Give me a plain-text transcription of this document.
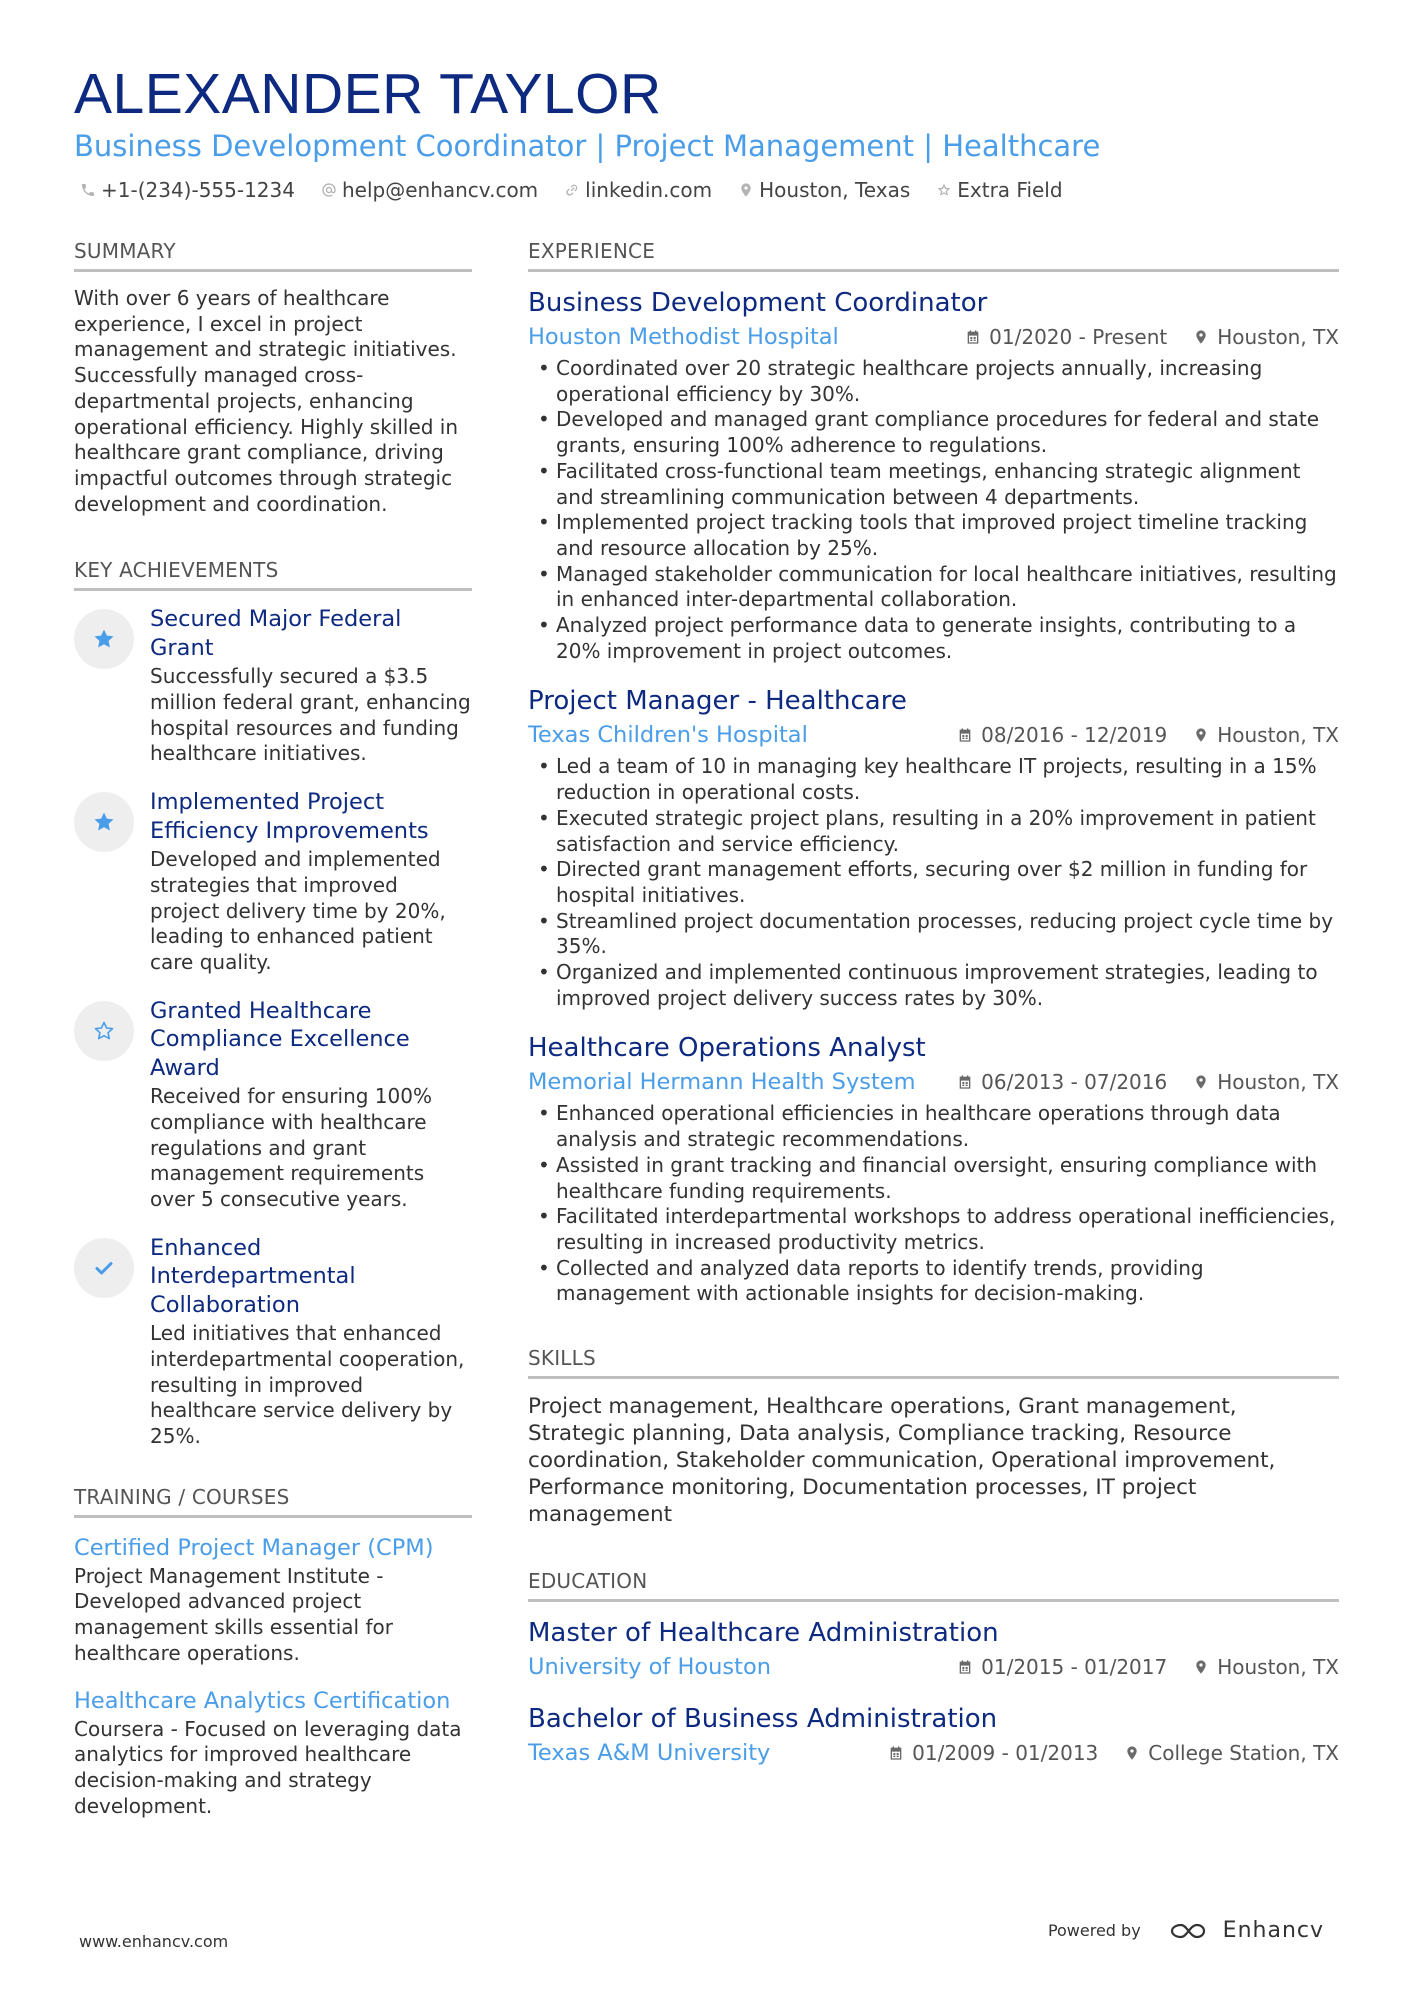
ALEXANDER TAYLOR
Business Development Coordinator | Project Management | Healthcare
+1-(234)-555-1234 help@enhancv.com linkedin.com Houston, Texas Extra Field
SUMMARY
With over 6 years of healthcare experience, I excel in project management and strategic initiatives. Successfully managed cross-departmental projects, enhancing operational efficiency. Highly skilled in healthcare grant compliance, driving impactful outcomes through strategic development and coordination.
KEY ACHIEVEMENTS
Secured Major Federal Grant
Successfully secured a $3.5 million federal grant, enhancing hospital resources and funding healthcare initiatives.
Implemented Project Efficiency Improvements
Developed and implemented strategies that improved project delivery time by 20%, leading to enhanced patient care quality.
Granted Healthcare Compliance Excellence Award
Received for ensuring 100% compliance with healthcare regulations and grant management requirements over 5 consecutive years.
Enhanced Interdepartmental Collaboration
Led initiatives that enhanced interdepartmental cooperation, resulting in improved healthcare service delivery by 25%.
TRAINING / COURSES
Certified Project Manager (CPM)
Project Management Institute - Developed advanced project management skills essential for healthcare operations.
Healthcare Analytics Certification
Coursera - Focused on leveraging data analytics for improved healthcare decision-making and strategy development.
EXPERIENCE
Business Development Coordinator
Houston Methodist Hospital	01/2020 - Present	Houston, TX
• Coordinated over 20 strategic healthcare projects annually, increasing operational efficiency by 30%.
• Developed and managed grant compliance procedures for federal and state grants, ensuring 100% adherence to regulations.
• Facilitated cross-functional team meetings, enhancing strategic alignment and streamlining communication between 4 departments.
• Implemented project tracking tools that improved project timeline tracking and resource allocation by 25%.
• Managed stakeholder communication for local healthcare initiatives, resulting in enhanced inter-departmental collaboration.
• Analyzed project performance data to generate insights, contributing to a 20% improvement in project outcomes.
Project Manager - Healthcare
Texas Children's Hospital	08/2016 - 12/2019	Houston, TX
• Led a team of 10 in managing key healthcare IT projects, resulting in a 15% reduction in operational costs.
• Executed strategic project plans, resulting in a 20% improvement in patient satisfaction and service efficiency.
• Directed grant management efforts, securing over $2 million in funding for hospital initiatives.
• Streamlined project documentation processes, reducing project cycle time by 35%.
• Organized and implemented continuous improvement strategies, leading to improved project delivery success rates by 30%.
Healthcare Operations Analyst
Memorial Hermann Health System	06/2013 - 07/2016	Houston, TX
• Enhanced operational efficiencies in healthcare operations through data analysis and strategic recommendations.
• Assisted in grant tracking and financial oversight, ensuring compliance with healthcare funding requirements.
• Facilitated interdepartmental workshops to address operational inefficiencies, resulting in increased productivity metrics.
• Collected and analyzed data reports to identify trends, providing management with actionable insights for decision-making.
SKILLS
Project management, Healthcare operations, Grant management, Strategic planning, Data analysis, Compliance tracking, Resource coordination, Stakeholder communication, Operational improvement, Performance monitoring, Documentation processes, IT project management
EDUCATION
Master of Healthcare Administration
University of Houston	01/2015 - 01/2017	Houston, TX
Bachelor of Business Administration
Texas A&M University	01/2009 - 01/2013	College Station, TX
www.enhancv.com
Powered by	Enhancv
